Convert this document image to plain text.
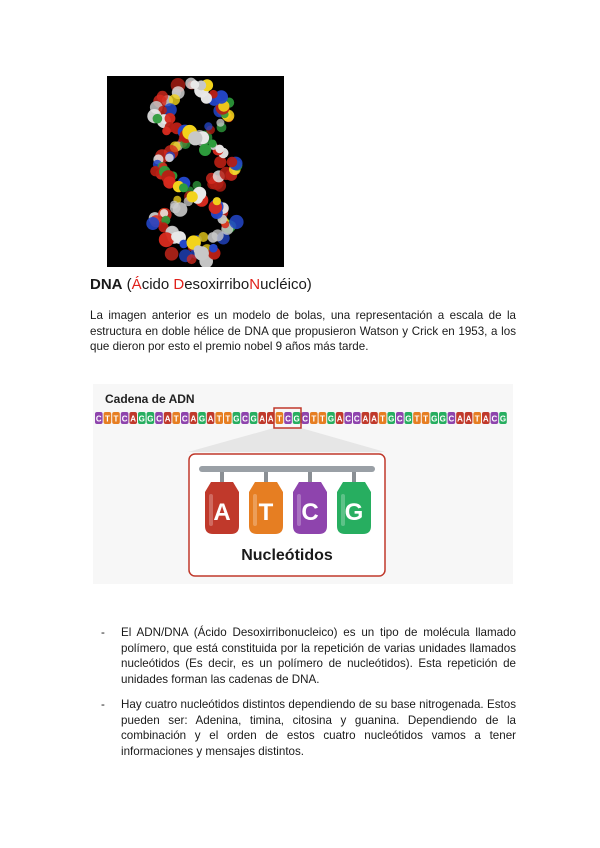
DNA (Ácido DesoxirriboNucléico)
La imagen anterior es un modelo de bolas, una representación a escala de la estructura en doble hélice de DNA que propusieron Watson y Crick en 1953, a los que dieron por esto el premio nobel 9 años más tarde.
C T T C A G G C A T C A G A T T G C G A A T C G C T T G A C C A A T G C G T T G G C A A T A C G
A T C G
Nucleótidos
Cadena de ADN
- El ADN/DNA (Ácido Desoxirribonucleico) es un tipo de molécula llamado polímero, que está constituida por la repetición de varias unidades llamados nucleótidos (Es decir, es un polímero de nucleótidos). Esta repetición de unidades forman las cadenas de DNA.
- Hay cuatro nucleótidos distintos dependiendo de su base nitrogenada. Estos pueden ser: Adenina, timina, citosina y guanina. Dependiendo de la combinación y el orden de estos cuatro nucleótidos vamos a tener informaciones y mensajes distintos.
